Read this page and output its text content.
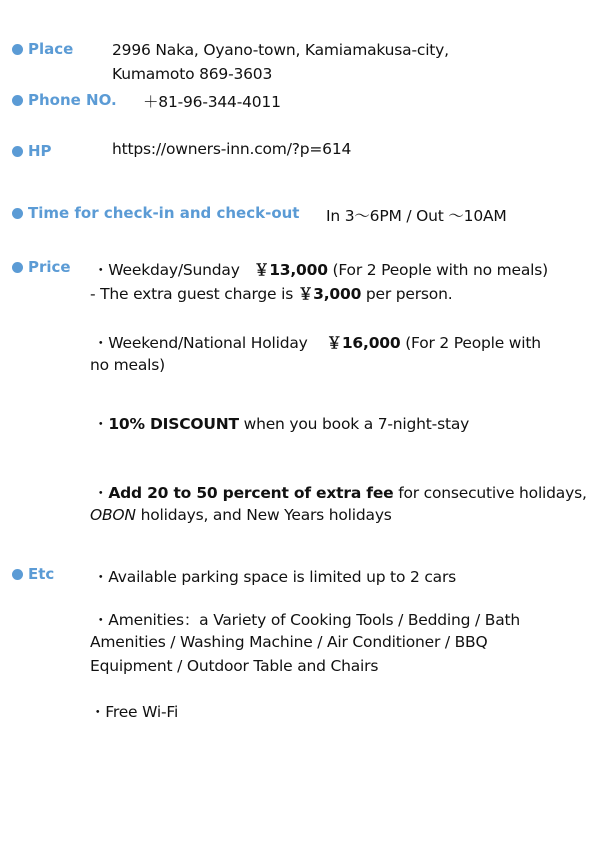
Place 2996 Naka, Oyano-town, Kamiamakusa-city,
Kumamoto 869-3603
Phone NO. ＋81-96-344-4011
HP	https://owners-inn.com/?p=614
Time for check-in and check-out In 3〜6PM / Out 〜10AM
Price ・Weekday/Sunday ￥13,000 (For 2 People with no meals)
- The extra guest charge is ￥3,000 per person.
・Weekend/National Holiday ￥16,000 (For 2 People with
no meals)
・10% DISCOUNT when you book a 7-night-stay
・Add 20 to 50 percent of extra fee for consecutive holidays,
OBON holidays, and New Years holidays
Etc ・Available parking space is limited up to 2 cars
・Amenities：a Variety of Cooking Tools / Bedding / Bath
Amenities / Washing Machine / Air Conditioner / BBQ
Equipment / Outdoor Table and Chairs
・Free Wi-Fi
